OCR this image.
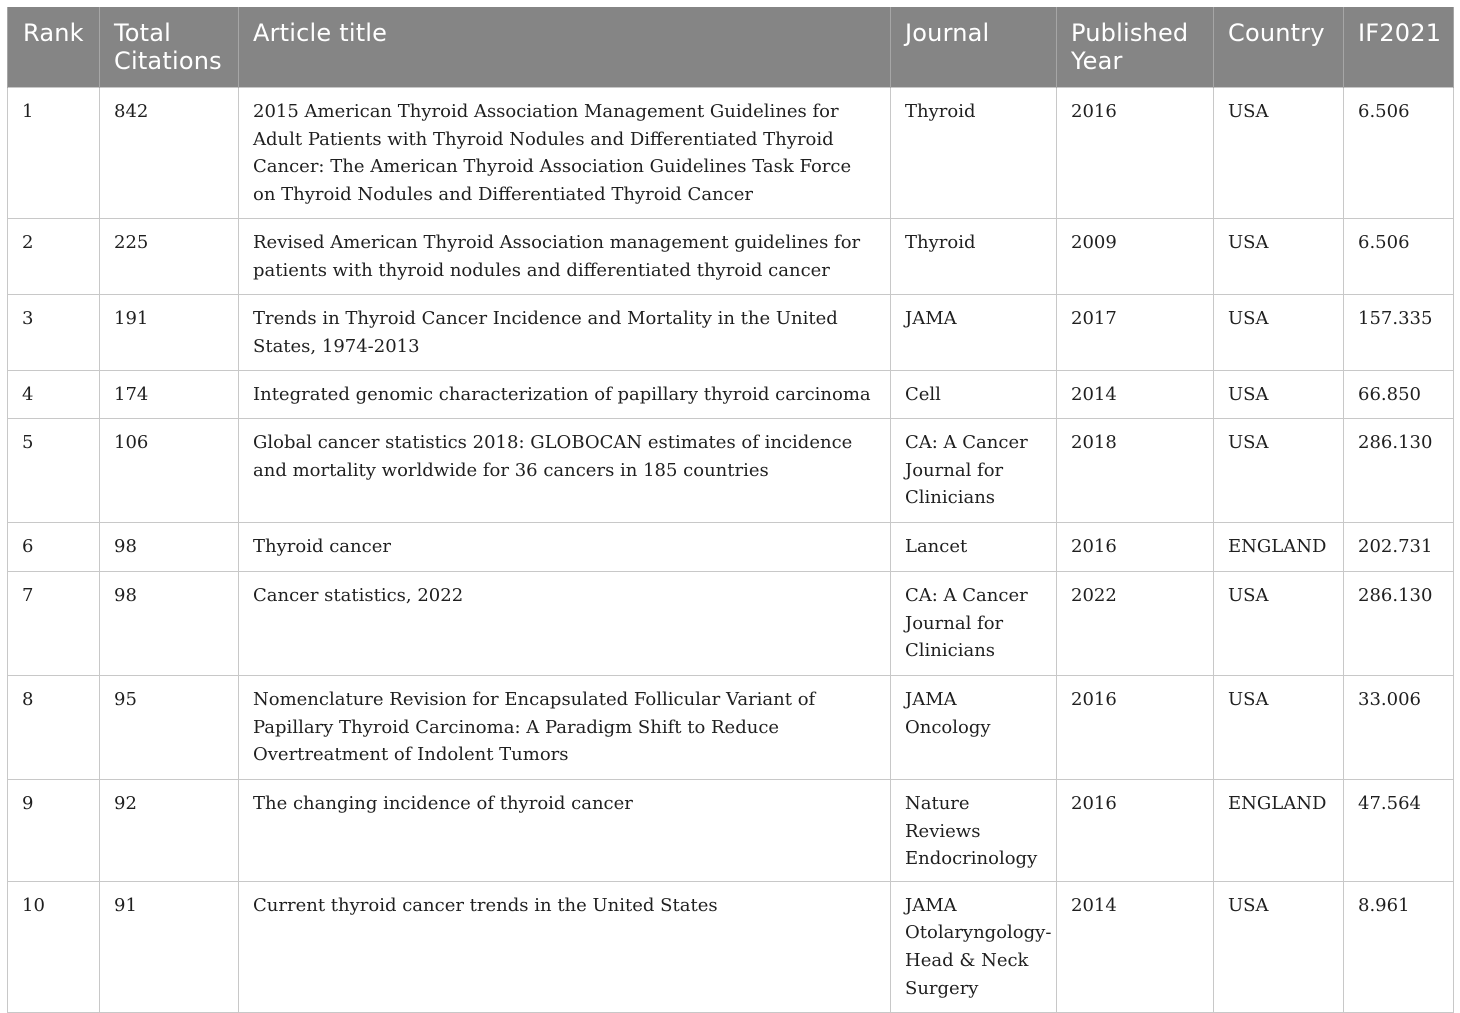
Rank	Total Citations	Article title	Journal	Published Year	Country	IF2021
1	842	2015 American Thyroid Association Management Guidelines for Adult Patients with Thyroid Nodules and Differentiated Thyroid Cancer: The American Thyroid Association Guidelines Task Force on Thyroid Nodules and Differentiated Thyroid Cancer	Thyroid	2016	USA	6.506
2	225	Revised American Thyroid Association management guidelines for patients with thyroid nodules and differentiated thyroid cancer	Thyroid	2009	USA	6.506
3	191	Trends in Thyroid Cancer Incidence and Mortality in the United States, 1974-2013	JAMA	2017	USA	157.335
4	174	Integrated genomic characterization of papillary thyroid carcinoma	Cell	2014	USA	66.850
5	106	Global cancer statistics 2018: GLOBOCAN estimates of incidence and mortality worldwide for 36 cancers in 185 countries	CA: A Cancer Journal for Clinicians	2018	USA	286.130
6	98	Thyroid cancer	Lancet	2016	ENGLAND	202.731
7	98	Cancer statistics, 2022	CA: A Cancer Journal for Clinicians	2022	USA	286.130
8	95	Nomenclature Revision for Encapsulated Follicular Variant of Papillary Thyroid Carcinoma: A Paradigm Shift to Reduce Overtreatment of Indolent Tumors	JAMA Oncology	2016	USA	33.006
9	92	The changing incidence of thyroid cancer	Nature Reviews Endocrinology	2016	ENGLAND	47.564
10	91	Current thyroid cancer trends in the United States	JAMA Otolaryngology-Head & Neck Surgery	2014	USA	8.961
